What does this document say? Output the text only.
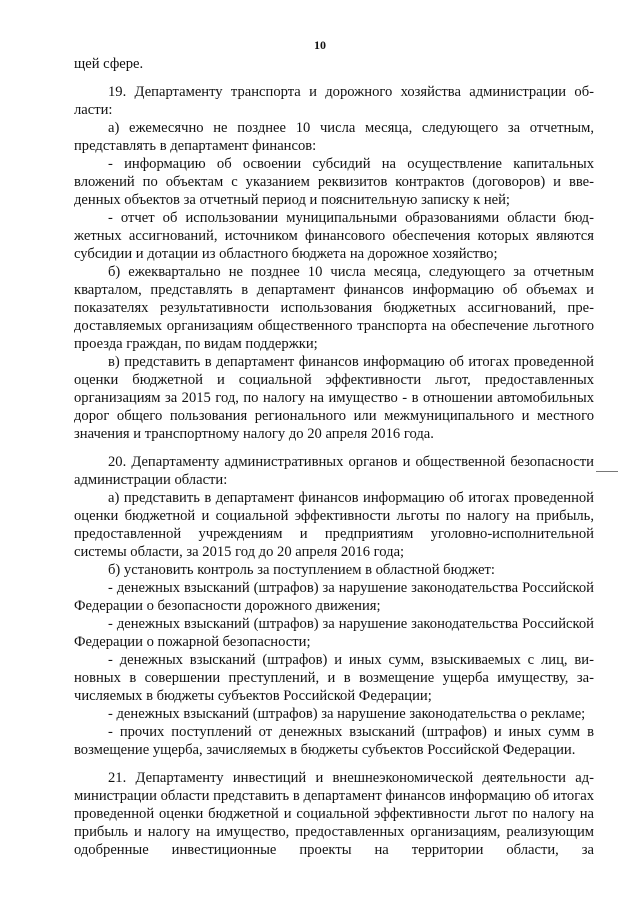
10

щей сфере.

19. Департаменту транспорта и дорожного хозяйства администрации области:

а) ежемесячно не позднее 10 числа месяца, следующего за отчетным, представлять в департамент финансов:

- информацию об освоении субсидий на осуществление капитальных вложений по объектам с указанием реквизитов контрактов (договоров) и введенных объектов за отчетный период и пояснительную записку к ней;

- отчет об использовании муниципальными образованиями области бюджетных ассигнований, источником финансового обеспечения которых являются субсидии и дотации из областного бюджета на дорожное хозяйство;

б) ежеквартально не позднее 10 числа месяца, следующего за отчетным кварталом, представлять в департамент финансов информацию об объемах и показателях результативности использования бюджетных ассигнований, предоставляемых организациям общественного транспорта на обеспечение льготного проезда граждан, по видам поддержки;

в) представить в департамент финансов информацию об итогах проведенной оценки бюджетной и социальной эффективности льгот, предоставленных организациям за 2015 год, по налогу на имущество - в отношении автомобильных дорог общего пользования регионального или межмуниципального и местного значения и транспортному налогу до 20 апреля 2016 года.

20. Департаменту административных органов и общественной безопасности администрации области:

а) представить в департамент финансов информацию об итогах проведенной оценки бюджетной и социальной эффективности льготы по налогу на прибыль, предоставленной учреждениям и предприятиям уголовно-исполнительной системы области, за 2015 год до 20 апреля 2016 года;

б) установить контроль за поступлением в областной бюджет:

- денежных взысканий (штрафов) за нарушение законодательства Российской Федерации о безопасности дорожного движения;

- денежных взысканий (штрафов) за нарушение законодательства Российской Федерации о пожарной безопасности;

- денежных взысканий (штрафов) и иных сумм, взыскиваемых с лиц, виновных в совершении преступлений, и в возмещение ущерба имуществу, зачисляемых в бюджеты субъектов Российской Федерации;

- денежных взысканий (штрафов) за нарушение законодательства о рекламе;

- прочих поступлений от денежных взысканий (штрафов) и иных сумм в возмещение ущерба, зачисляемых в бюджеты субъектов Российской Федерации.

21. Департаменту инвестиций и внешнеэкономической деятельности администрации области представить в департамент финансов информацию об итогах проведенной оценки бюджетной и социальной эффективности льгот по налогу на прибыль и налогу на имущество, предоставленных организациям, реализующим одобренные инвестиционные проекты на территории области, за
